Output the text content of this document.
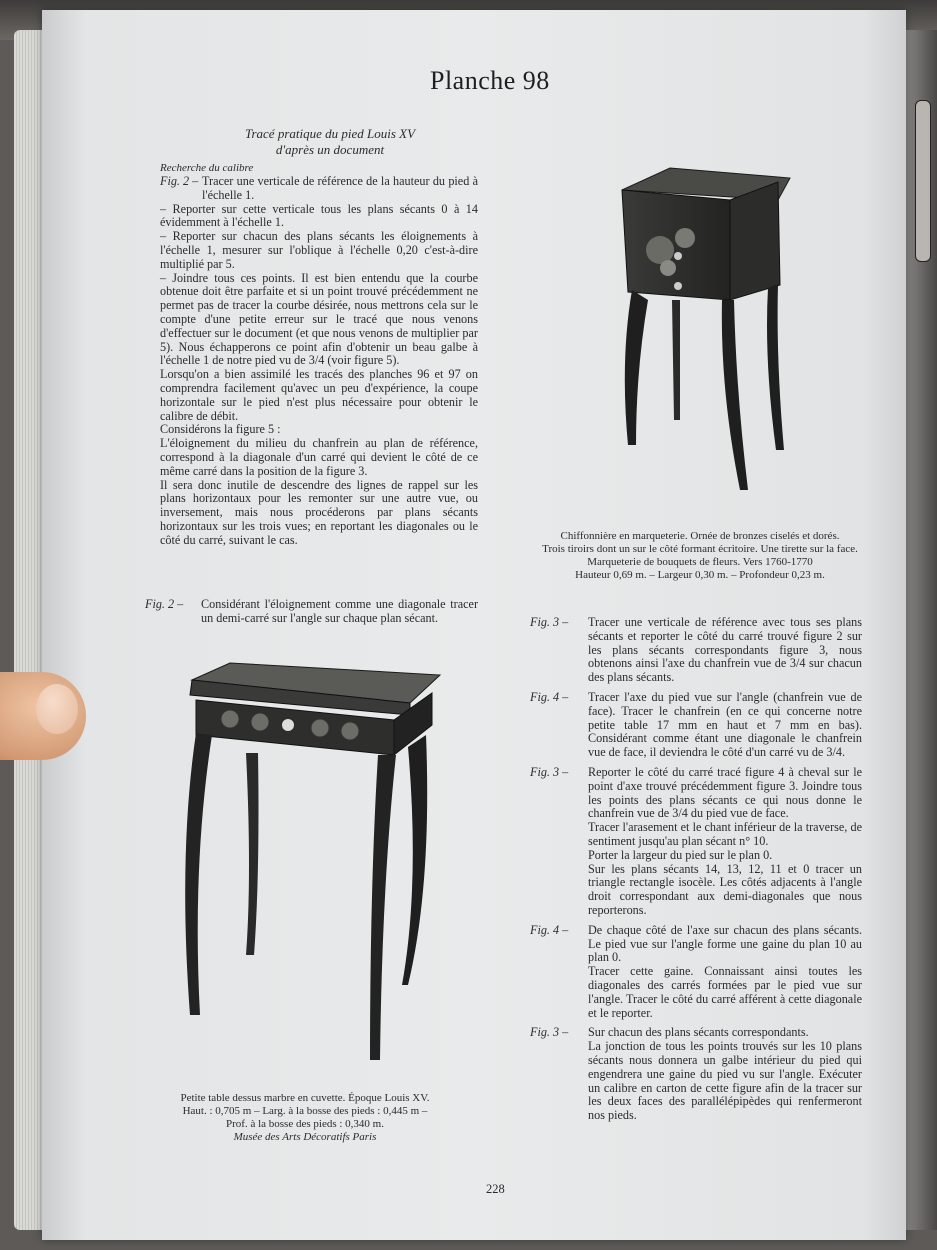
Planche 98
Tracé pratique du pied Louis XV
d'après un document
Recherche du calibre
Fig. 2 – Tracer une verticale de référence de la hauteur du pied à l'échelle 1.

– Reporter sur cette verticale tous les plans sécants 0 à 14 évidemment à l'échelle 1.

– Reporter sur chacun des plans sécants les éloignements à l'échelle 1, mesurer sur l'oblique à l'échelle 0,20 c'est-à-dire multiplié par 5.

– Joindre tous ces points. Il est bien entendu que la courbe obtenue doit être parfaite et si un point trouvé précédemment ne permet pas de tracer la courbe désirée, nous mettrons cela sur le compte d'une petite erreur sur le tracé que nous venons d'effectuer sur le document (et que nous venons de multiplier par 5). Nous échapperons ce point afin d'obtenir un beau galbe à l'échelle 1 de notre pied vu de 3/4 (voir figure 5).

Lorsqu'on a bien assimilé les tracés des planches 96 et 97 on comprendra facilement qu'avec un peu d'expérience, la coupe horizontale sur le pied n'est plus nécessaire pour obtenir le calibre de débit.

Considérons la figure 5 :

L'éloignement du milieu du chanfrein au plan de référence, correspond à la diagonale d'un carré qui devient le côté de ce même carré dans la position de la figure 3.

Il sera donc inutile de descendre des lignes de rappel sur les plans horizontaux pour les remonter sur une autre vue, ou inversement, mais nous procéderons par plans sécants horizontaux sur les trois vues; en reportant les diagonales ou le côté du carré, suivant le cas.

Fig. 2 –	Considérant l'éloignement comme une diagonale tracer un demi-carré sur l'angle sur chaque plan sécant.

Chiffonnière en marqueterie. Ornée de bronzes ciselés et dorés.
Trois tiroirs dont un sur le côté formant écritoire. Une tirette sur la face.
Marqueterie de bouquets de fleurs. Vers 1760-1770
Hauteur 0,69 m. – Largeur 0,30 m. – Profondeur 0,23 m.
Fig. 3 –	Tracer une verticale de référence avec tous ses plans sécants et reporter le côté du carré trouvé figure 2 sur les plans sécants correspondants figure 3, nous obtenons ainsi l'axe du chanfrein vue de 3/4 sur chacun des plans sécants.

Fig. 4 –	Tracer l'axe du pied vue sur l'angle (chanfrein vue de face). Tracer le chanfrein (en ce qui concerne notre petite table 17 mm en haut et 7 mm en bas). Considérant comme étant une diagonale le chanfrein vue de face, il deviendra le côté d'un carré vu de 3/4.

Fig. 3 –	Reporter le côté du carré tracé figure 4 à cheval sur le point d'axe trouvé précédemment figure 3. Joindre tous les points des plans sécants ce qui nous donne le chanfrein vue de 3/4 du pied vue de face.

Tracer l'arasement et le chant inférieur de la traverse, de sentiment jusqu'au plan sécant n° 10.

Porter la largeur du pied sur le plan 0.

Sur les plans sécants 14, 13, 12, 11 et 0 tracer un triangle rectangle isocèle. Les côtés adjacents à l'angle droit correspondant aux demi-diagonales que nous reporterons.

Fig. 4 –	De chaque côté de l'axe sur chacun des plans sécants. Le pied vue sur l'angle forme une gaine du plan 10 au plan 0.

Tracer cette gaine. Connaissant ainsi toutes les diagonales des carrés formées par le pied vue sur l'angle. Tracer le côté du carré afférent à cette diagonale et le reporter.

Fig. 3 –	Sur chacun des plans sécants correspondants.

La jonction de tous les points trouvés sur les 10 plans sécants nous donnera un galbe intérieur du pied qui engendrera une gaine du pied vu sur l'angle. Exécuter un calibre en carton de cette figure afin de la tracer sur les deux faces des parallélépipèdes qui renfermeront nos pieds.

Petite table dessus marbre en cuvette. Époque Louis XV.
Haut. : 0,705 m – Larg. à la bosse des pieds : 0,445 m –
Prof. à la bosse des pieds : 0,340 m.
Musée des Arts Décoratifs Paris
228
